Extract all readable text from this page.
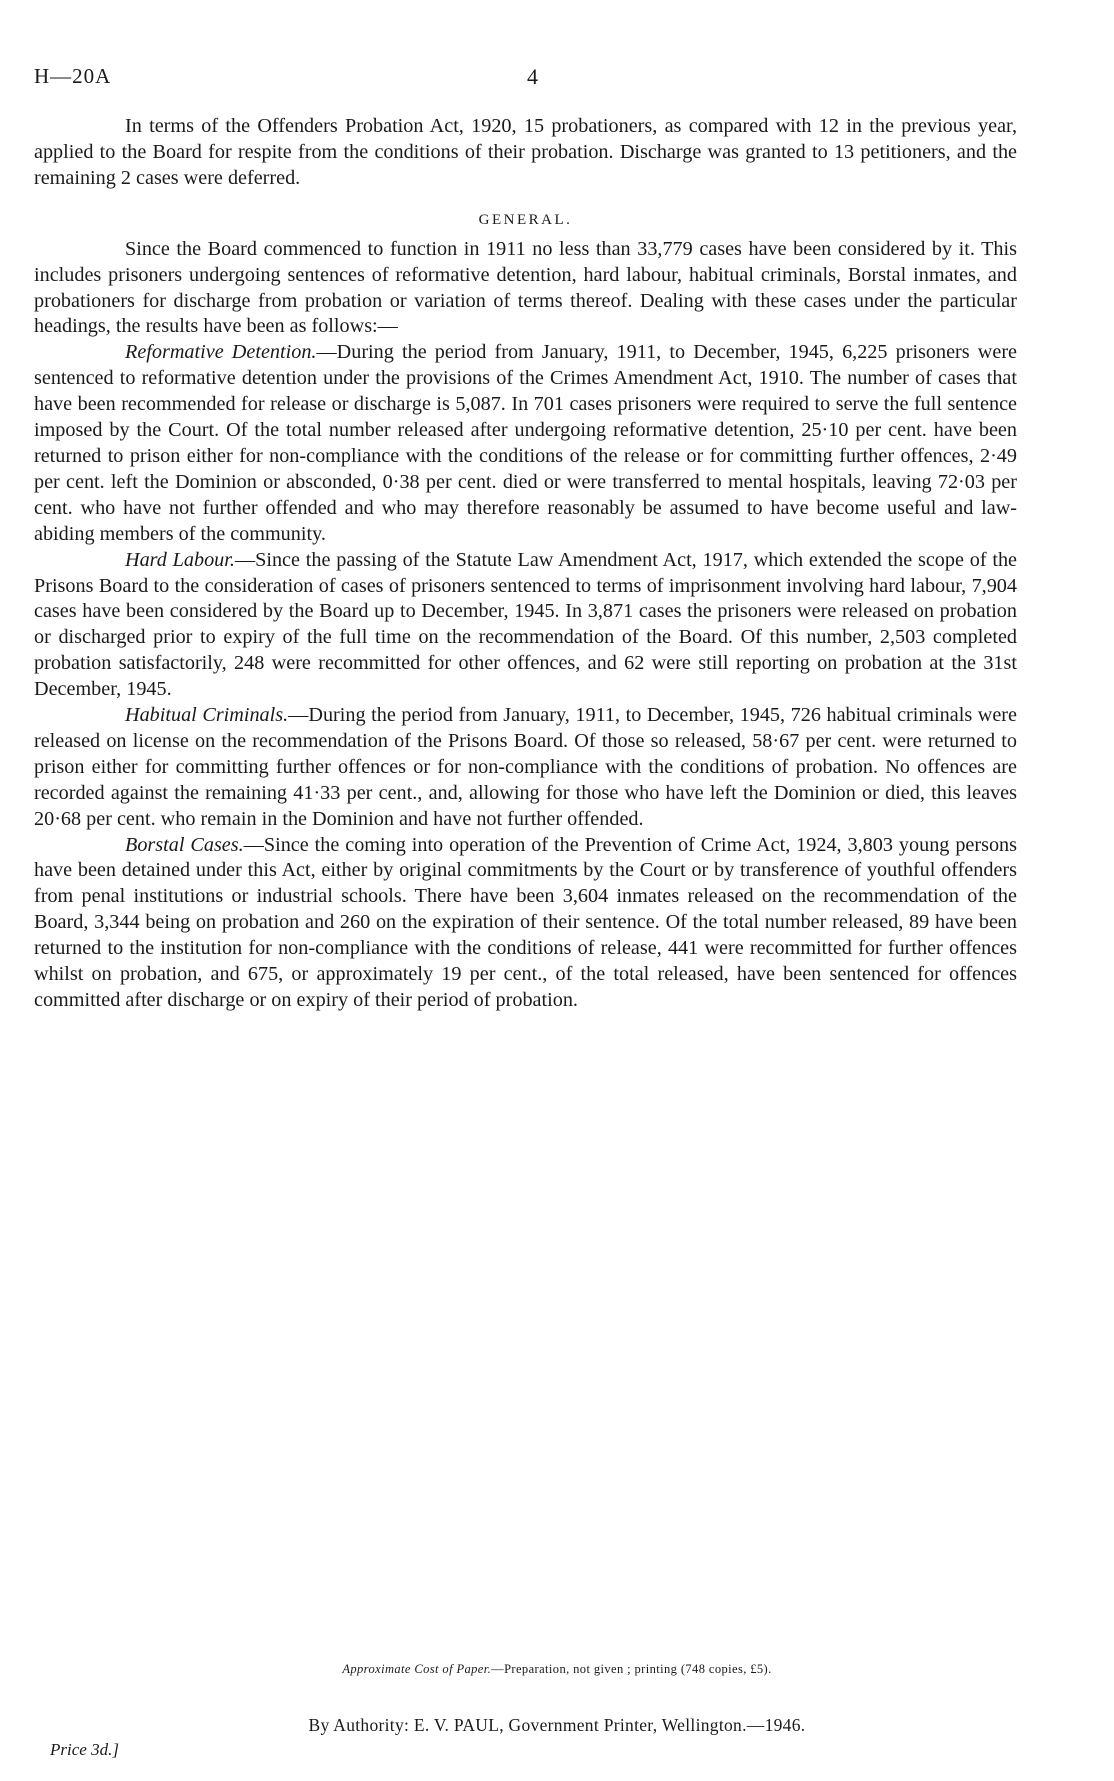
H—20A	4

In terms of the Offenders Probation Act, 1920, 15 probationers, as compared with 12 in the previous year, applied to the Board for respite from the conditions of their probation. Discharge was granted to 13 petitioners, and the remaining 2 cases were deferred.

GENERAL.

Since the Board commenced to function in 1911 no less than 33,779 cases have been considered by it. This includes prisoners undergoing sentences of reformative detention, hard labour, habitual criminals, Borstal inmates, and probationers for discharge from probation or variation of terms thereof. Dealing with these cases under the particular headings, the results have been as follows:—

Reformative Detention.—During the period from January, 1911, to December, 1945, 6,225 prisoners were sentenced to reformative detention under the provisions of the Crimes Amendment Act, 1910. The number of cases that have been recommended for release or discharge is 5,087. In 701 cases prisoners were required to serve the full sentence imposed by the Court. Of the total number released after undergoing reformative detention, 25·10 per cent. have been returned to prison either for non-compliance with the conditions of the release or for committing further offences, 2·49 per cent. left the Dominion or absconded, 0·38 per cent. died or were transferred to mental hospitals, leaving 72·03 per cent. who have not further offended and who may therefore reasonably be assumed to have become useful and law-abiding members of the community.

Hard Labour.—Since the passing of the Statute Law Amendment Act, 1917, which extended the scope of the Prisons Board to the consideration of cases of prisoners sentenced to terms of imprisonment involving hard labour, 7,904 cases have been considered by the Board up to December, 1945. In 3,871 cases the prisoners were released on probation or discharged prior to expiry of the full time on the recommendation of the Board. Of this number, 2,503 completed probation satisfactorily, 248 were recommitted for other offences, and 62 were still reporting on probation at the 31st December, 1945.

Habitual Criminals.—During the period from January, 1911, to December, 1945, 726 habitual criminals were released on license on the recommendation of the Prisons Board. Of those so released, 58·67 per cent. were returned to prison either for committing further offences or for non-compliance with the conditions of probation. No offences are recorded against the remaining 41·33 per cent., and, allowing for those who have left the Dominion or died, this leaves 20·68 per cent. who remain in the Dominion and have not further offended.

Borstal Cases.—Since the coming into operation of the Prevention of Crime Act, 1924, 3,803 young persons have been detained under this Act, either by original commitments by the Court or by transference of youthful offenders from penal institutions or industrial schools. There have been 3,604 inmates released on the recommendation of the Board, 3,344 being on probation and 260 on the expiration of their sentence. Of the total number released, 89 have been returned to the institution for non-compliance with the conditions of release, 441 were recommitted for further offences whilst on probation, and 675, or approximately 19 per cent., of the total released, have been sentenced for offences committed after discharge or on expiry of their period of probation.

Approximate Cost of Paper.—Preparation, not given ; printing (748 copies, £5).
By Authority: E. V. PAUL, Government Printer, Wellington.—1946.
Price 3d.]
